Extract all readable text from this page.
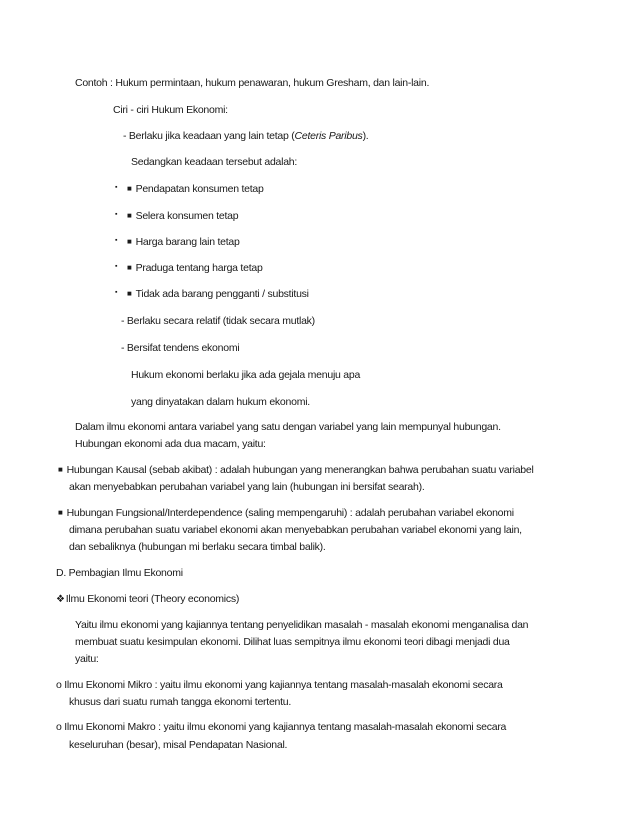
Contoh : Hukum permintaan, hukum penawaran, hukum Gresham, dan lain-lain.
Ciri - ciri Hukum Ekonomi:
- Berlaku jika keadaan yang lain tetap (Ceteris Paribus).
Sedangkan keadaan tersebut adalah:
▪ ■ Pendapatan konsumen tetap
▪ ■ Selera konsumen tetap
▪ ■ Harga barang lain tetap
▪ ■ Praduga tentang harga tetap
▪ ■ Tidak ada barang pengganti / substitusi
- Berlaku secara relatif (tidak secara mutlak)
- Bersifat tendens ekonomi
Hukum ekonomi berlaku jika ada gejala menuju apa
yang dinyatakan dalam hukum ekonomi.
Dalam ilmu ekonomi antara variabel yang satu dengan variabel yang lain mempunyal hubungan.
Hubungan ekonomi ada dua macam, yaitu:
■ Hubungan Kausal (sebab akibat) : adalah hubungan yang menerangkan bahwa perubahan suatu variabel
akan menyebabkan perubahan variabel yang lain (hubungan ini bersifat searah).
■ Hubungan Fungsional/Interdependence (saling mempengaruhi) : adalah perubahan variabel ekonomi
dimana perubahan suatu variabel ekonomi akan menyebabkan perubahan variabel ekonomi yang lain,
dan sebaliknya (hubungan mi berlaku secara timbal balik).
D. Pembagian Ilmu Ekonomi
❖Ilmu Ekonomi teori (Theory economics)
Yaitu ilmu ekonomi yang kajiannya tentang penyelidikan masalah - masalah ekonomi menganalisa dan
membuat suatu kesimpulan ekonomi. Dilihat luas sempitnya ilmu ekonomi teori dibagi menjadi dua
yaitu:
o Ilmu Ekonomi Mikro : yaitu ilmu ekonomi yang kajiannya tentang masalah-masalah ekonomi secara
khusus dari suatu rumah tangga ekonomi tertentu.
o Ilmu Ekonomi Makro : yaitu ilmu ekonomi yang kajiannya tentang masalah-masalah ekonomi secara
keseluruhan (besar), misal Pendapatan Nasional.
